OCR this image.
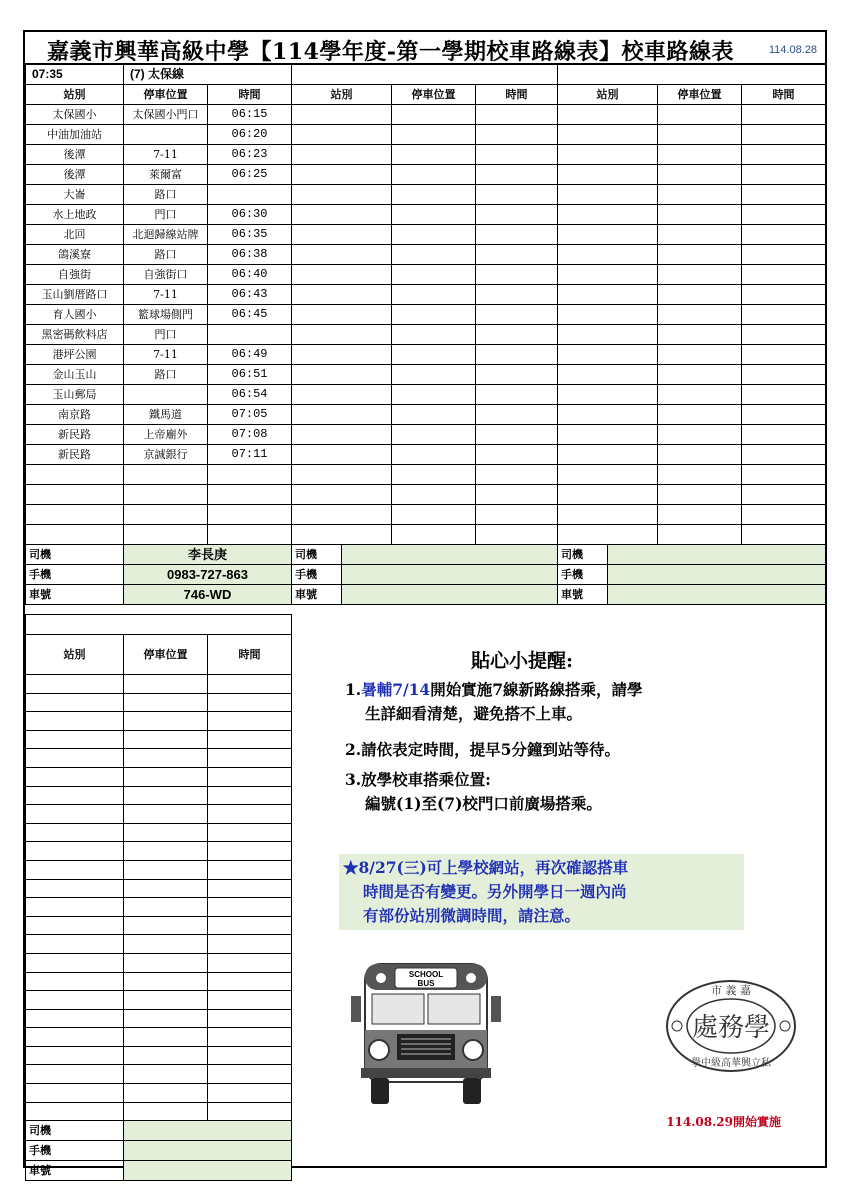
嘉義市興華高級中學【114學年度-第一學期校車路線表】校車路線表	114.08.28
07:35	(7) 太保線									
站別	停車位置	時間	站別		停車位置	時間	站別		停車位置	時間
太保國小	太保國小門口	06:15								
中油加油站		06:20								
後潭	7-11	06:23								
後潭	萊爾富	06:25								
大崙	路口									
水上地政	門口	06:30								
北回	北迴歸線站牌	06:35								
鴿溪寮	路口	06:38								
自強街	自強街口	06:40								
玉山劉厝路口	7-11	06:43								
育人國小	籃球場側門	06:45								
黑密碼飲料店	門口									
港坪公園	7-11	06:49								
金山玉山	路口	06:51								
玉山郵局		06:54								
南京路	鐵馬道	07:05								
新民路	上帝廟外	07:08								
新民路	京誠銀行	07:11								

司機	李長庚		司機				司機			
手機	0983-727-863		手機				手機			
車號	746-WD		車號				車號			

站別	停車位置	時間

司機		
手機		
車號		
貼心小提醒:
1.暑輔7/14開始實施7線新路線搭乘，請學
生詳細看清楚，避免搭不上車。
2.請依表定時間，提早5分鐘到站等待。
3.放學校車搭乘位置:
編號(1)至(7)校門口前廣場搭乘。
★8/27(三)可上學校網站，再次確認搭車
時間是否有變更。另外開學日一週內尚
有部份站別微調時間，請注意。
SCHOOL
BUS
處務學
市 義 嘉
學中級高華興立私
114.08.29開始實施
